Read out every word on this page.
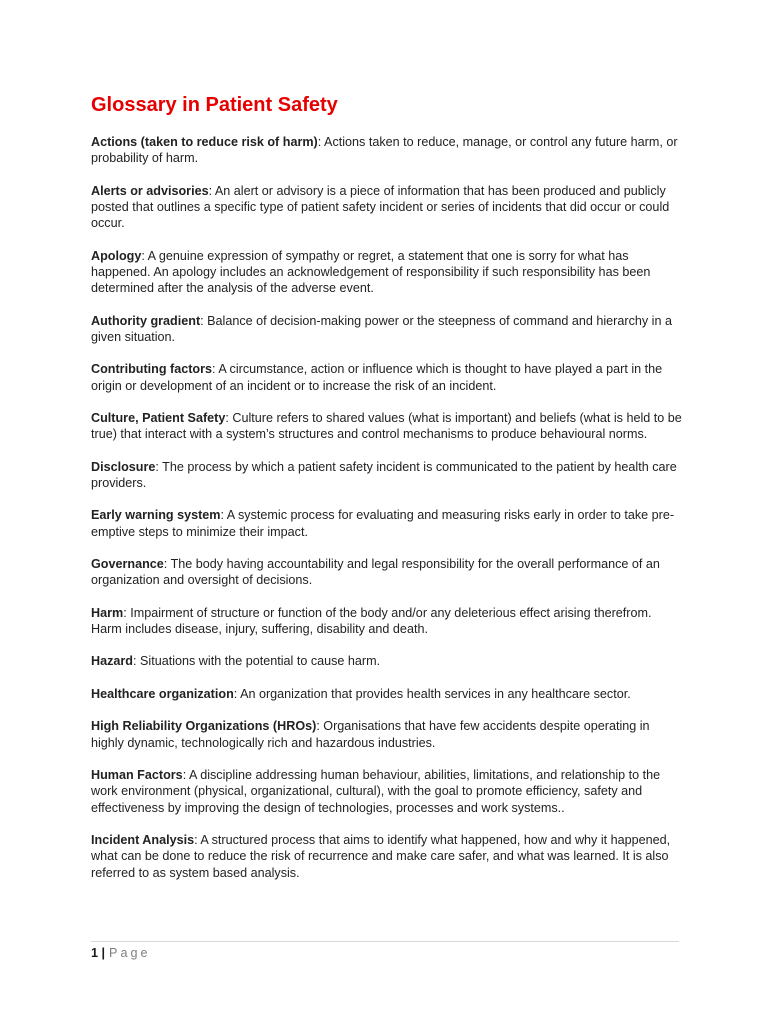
Glossary in Patient Safety

Actions (taken to reduce risk of harm): Actions taken to reduce, manage, or control any future harm, or probability of harm.

Alerts or advisories: An alert or advisory is a piece of information that has been produced and publicly posted that outlines a specific type of patient safety incident or series of incidents that did occur or could occur.

Apology: A genuine expression of sympathy or regret, a statement that one is sorry for what has happened. An apology includes an acknowledgement of responsibility if such responsibility has been determined after the analysis of the adverse event.

Authority gradient: Balance of decision-making power or the steepness of command and hierarchy in a given situation.

Contributing factors: A circumstance, action or influence which is thought to have played a part in the origin or development of an incident or to increase the risk of an incident.

Culture, Patient Safety: Culture refers to shared values (what is important) and beliefs (what is held to be true) that interact with a system’s structures and control mechanisms to produce behavioural norms.

Disclosure: The process by which a patient safety incident is communicated to the patient by health care providers.

Early warning system: A systemic process for evaluating and measuring risks early in order to take pre-emptive steps to minimize their impact.

Governance: The body having accountability and legal responsibility for the overall performance of an organization and oversight of decisions.

Harm: Impairment of structure or function of the body and/or any deleterious effect arising therefrom. Harm includes disease, injury, suffering, disability and death.

Hazard: Situations with the potential to cause harm.

Healthcare organization: An organization that provides health services in any healthcare sector.

High Reliability Organizations (HROs): Organisations that have few accidents despite operating in highly dynamic, technologically rich and hazardous industries.

Human Factors: A discipline addressing human behaviour, abilities, limitations, and relationship to the work environment (physical, organizational, cultural), with the goal to promote efficiency, safety and effectiveness by improving the design of technologies, processes and work systems..

Incident Analysis: A structured process that aims to identify what happened, how and why it happened, what can be done to reduce the risk of recurrence and make care safer, and what was learned. It is also referred to as system based analysis.

1 | Page
